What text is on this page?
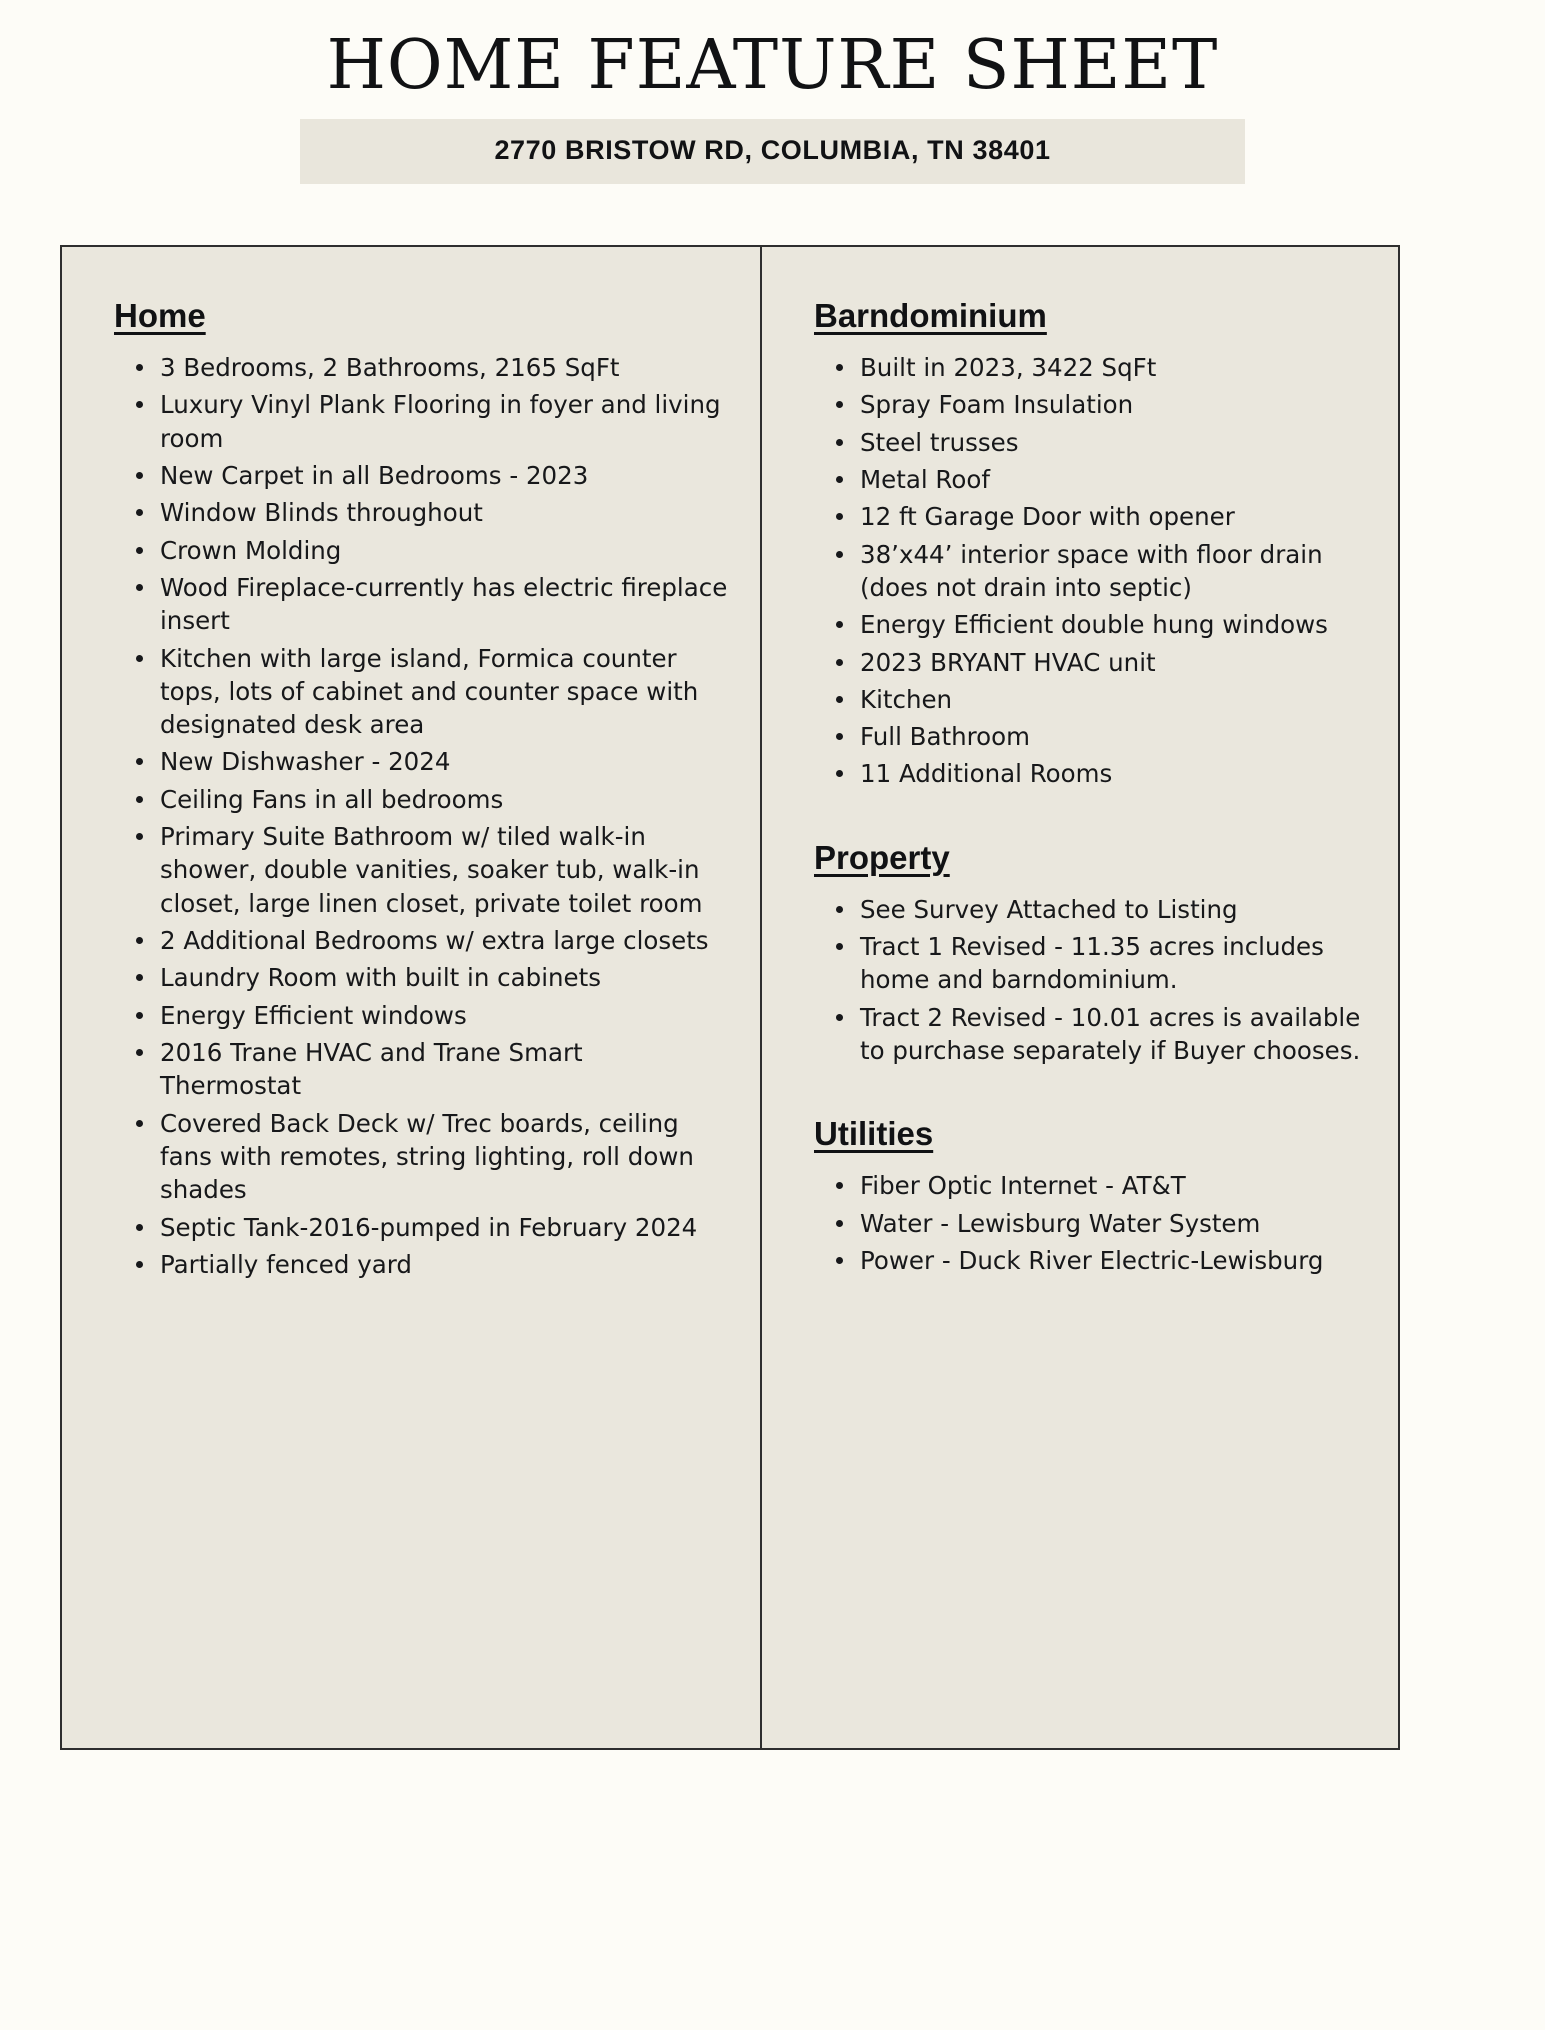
HOME FEATURE SHEET
2770 BRISTOW RD, COLUMBIA, TN 38401
Home
3 Bedrooms, 2 Bathrooms, 2165 SqFt
Luxury Vinyl Plank Flooring in foyer and living room
New Carpet in all Bedrooms - 2023
Window Blinds throughout
Crown Molding
Wood Fireplace-currently has electric fireplace insert
Kitchen with large island, Formica counter tops, lots of cabinet and counter space with designated desk area
New Dishwasher - 2024
Ceiling Fans in all bedrooms
Primary Suite Bathroom w/ tiled walk-in shower, double vanities, soaker tub, walk-in closet, large linen closet, private toilet room
2 Additional Bedrooms w/ extra large closets
Laundry Room with built in cabinets
Energy Efficient windows
2016 Trane HVAC and Trane Smart Thermostat
Covered Back Deck w/ Trec boards, ceiling fans with remotes, string lighting, roll down shades
Septic Tank-2016-pumped in February 2024
Partially fenced yard
Barndominium
Built in 2023, 3422 SqFt
Spray Foam Insulation
Steel trusses
Metal Roof
12 ft Garage Door with opener
38’x44’ interior space with floor drain (does not drain into septic)
Energy Efficient double hung windows
2023 BRYANT HVAC unit
Kitchen
Full Bathroom
11 Additional Rooms
Property
See Survey Attached to Listing
Tract 1 Revised - 11.35 acres includes home and barndominium.
Tract 2 Revised - 10.01 acres is available to purchase separately if Buyer chooses.
Utilities
Fiber Optic Internet - AT&T
Water - Lewisburg Water System
Power - Duck River Electric-Lewisburg
